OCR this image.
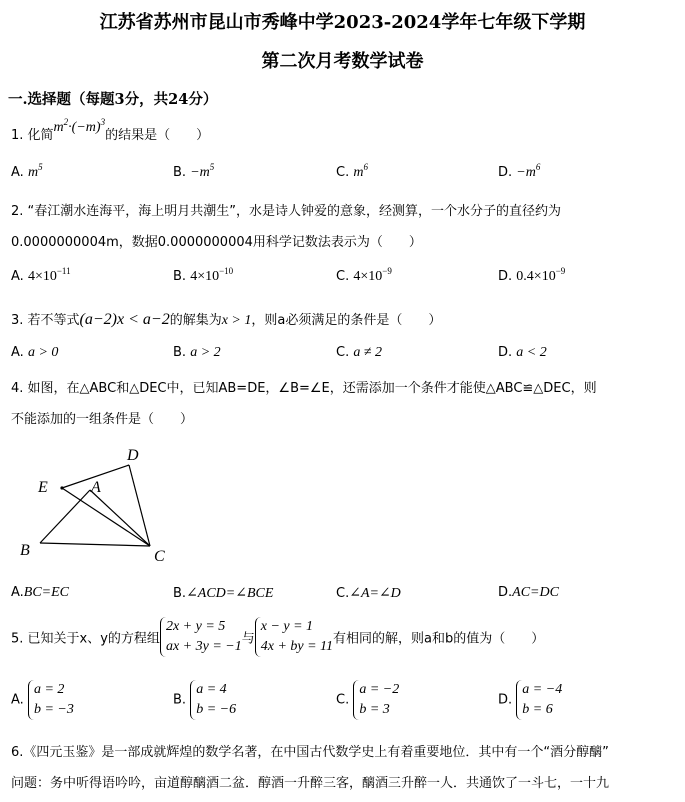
江苏省苏州市昆山市秀峰中学2023-2024学年七年级下学期
第二次月考数学试卷
一.选择题（每题3分，共24分）
1. 化简$m^2\cdot(-m)^3$的结果是（　　）
A. $m^5$	B. $-m^5$	C. $m^6$	D. $-m^6$
2. “春江潮水连海平，海上明月共潮生”，水是诗人钟爱的意象，经测算，一个水分子的直径约为
0.0000000004m，数据0.0000000004用科学记数法表示为（　　）
A. $4\times 10^{-11}$	B. $4\times 10^{-10}$	C. $4\times 10^{-9}$	D. $0.4\times 10^{-9}$
3. 若不等式(a−2)x < a−2的解集为x > 1，则a必须满足的条件是（　　）
A. a > 0	B. a > 2	C. a ≠ 2	D. a < 2
4. 如图，在△ABC和△DEC中，已知AB=DE，∠B=∠E，还需添加一个条件才能使△ABC≌△DEC，则
不能添加的一组条件是（　　）
D
E	A
B	C
A.BC=EC	B.∠ACD=∠BCE	C.∠A=∠D	D.AC=DC
5. 已知关于x、y的方程组2x + y = 5
ax + 3y = −1与x − y = 1
4x + by = 11有相同的解，则a和b的值为（　　）
A. a = 2
b = −3
B. a = 4
b = −6
C. a = −2
b = 3
D. a = −4
b = 6
6.《四元玉鉴》是一部成就辉煌的数学名著，在中国古代数学史上有着重要地位．其中有一个“酒分醇醨”
问题：务中听得语吟吟，亩道醇醨酒二盆．醇酒一升醉三客，醨酒三升醉一人．共通饮了一斗七，一十九
